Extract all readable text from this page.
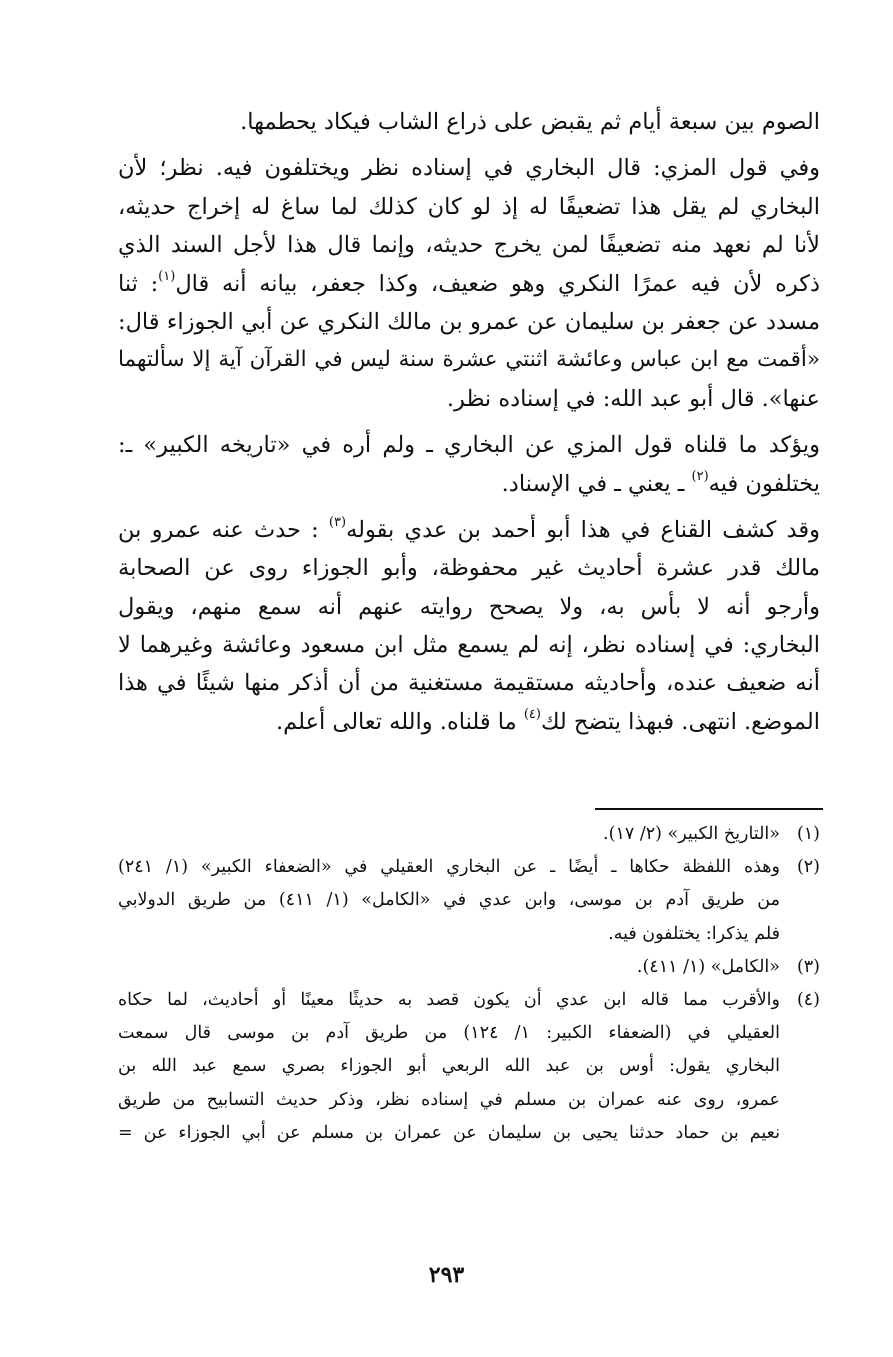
الصوم بين سبعة أيام ثم يقبض على ذراع الشاب فيكاد يحطمها.
وفي قول المزي: قال البخاري في إسناده نظر ويختلفون فيه. نظر؛ لأن
البخاري لم يقل هذا تضعيفًا له إذ لو كان كذلك لما ساغ له إخراج حديثه،
لأنا لم نعهد منه تضعيفًا لمن يخرج حديثه، وإنما قال هذا لأجل السند الذي
ذكره لأن فيه عمرًا النكري وهو ضعيف، وكذا جعفر، بيانه أنه قال$^{(١)}$: ثنا
مسدد عن جعفر بن سليمان عن عمرو بن مالك النكري عن أبي الجوزاء قال:
«أقمت مع ابن عباس وعائشة اثنتي عشرة سنة ليس في القرآن آية إلا سألتهما
عنها». قال أبو عبد الله: في إسناده نظر.
ويؤكد ما قلناه قول المزي عن البخاري ـ ولم أره في «تاريخه الكبير» ـ:
يختلفون فيه$^{(٢)}$ ـ يعني ـ في الإسناد.
وقد كشف القناع في هذا أبو أحمد بن عدي بقوله$^{(٣)}$ : حدث عنه عمرو بن
مالك قدر عشرة أحاديث غير محفوظة، وأبو الجوزاء روى عن الصحابة
وأرجو أنه لا بأس به، ولا يصحح روايته عنهم أنه سمع منهم، ويقول
البخاري: في إسناده نظر، إنه لم يسمع مثل ابن مسعود وعائشة وغيرهما لا
أنه ضعيف عنده، وأحاديثه مستقيمة مستغنية من أن أذكر منها شيئًا في هذا
الموضع. انتهى. فبهذا يتضح لك$^{(٤)}$ ما قلناه. والله تعالى أعلم.
(١)
«التاريخ الكبير» (٢/ ١٧).
(٢)
وهذه اللفظة حكاها ـ أيضًا ـ عن البخاري العقيلي في «الضعفاء الكبير» (١/ ٢٤١)
من طريق آدم بن موسى، وابن عدي في «الكامل» (١/ ٤١١) من طريق الدولابي
فلم يذكرا: يختلفون فيه.
(٣)
«الكامل» (١/ ٤١١).
(٤)
والأقرب مما قاله ابن عدي أن يكون قصد به حديثًا معينًا أو أحاديث، لما حكاه
العقيلي في (الضعفاء الكبير: ١/ ١٢٤) من طريق آدم بن موسى قال سمعت
البخاري يقول: أوس بن عبد الله الربعي أبو الجوزاء بصري سمع عبد الله بن
عمرو، روى عنه عمران بن مسلم في إسناده نظر، وذكر حديث التسابيح من طريق
نعيم بن حماد حدثنا يحيى بن سليمان عن عمران بن مسلم عن أبي الجوزاء عن =
٢٩٣
